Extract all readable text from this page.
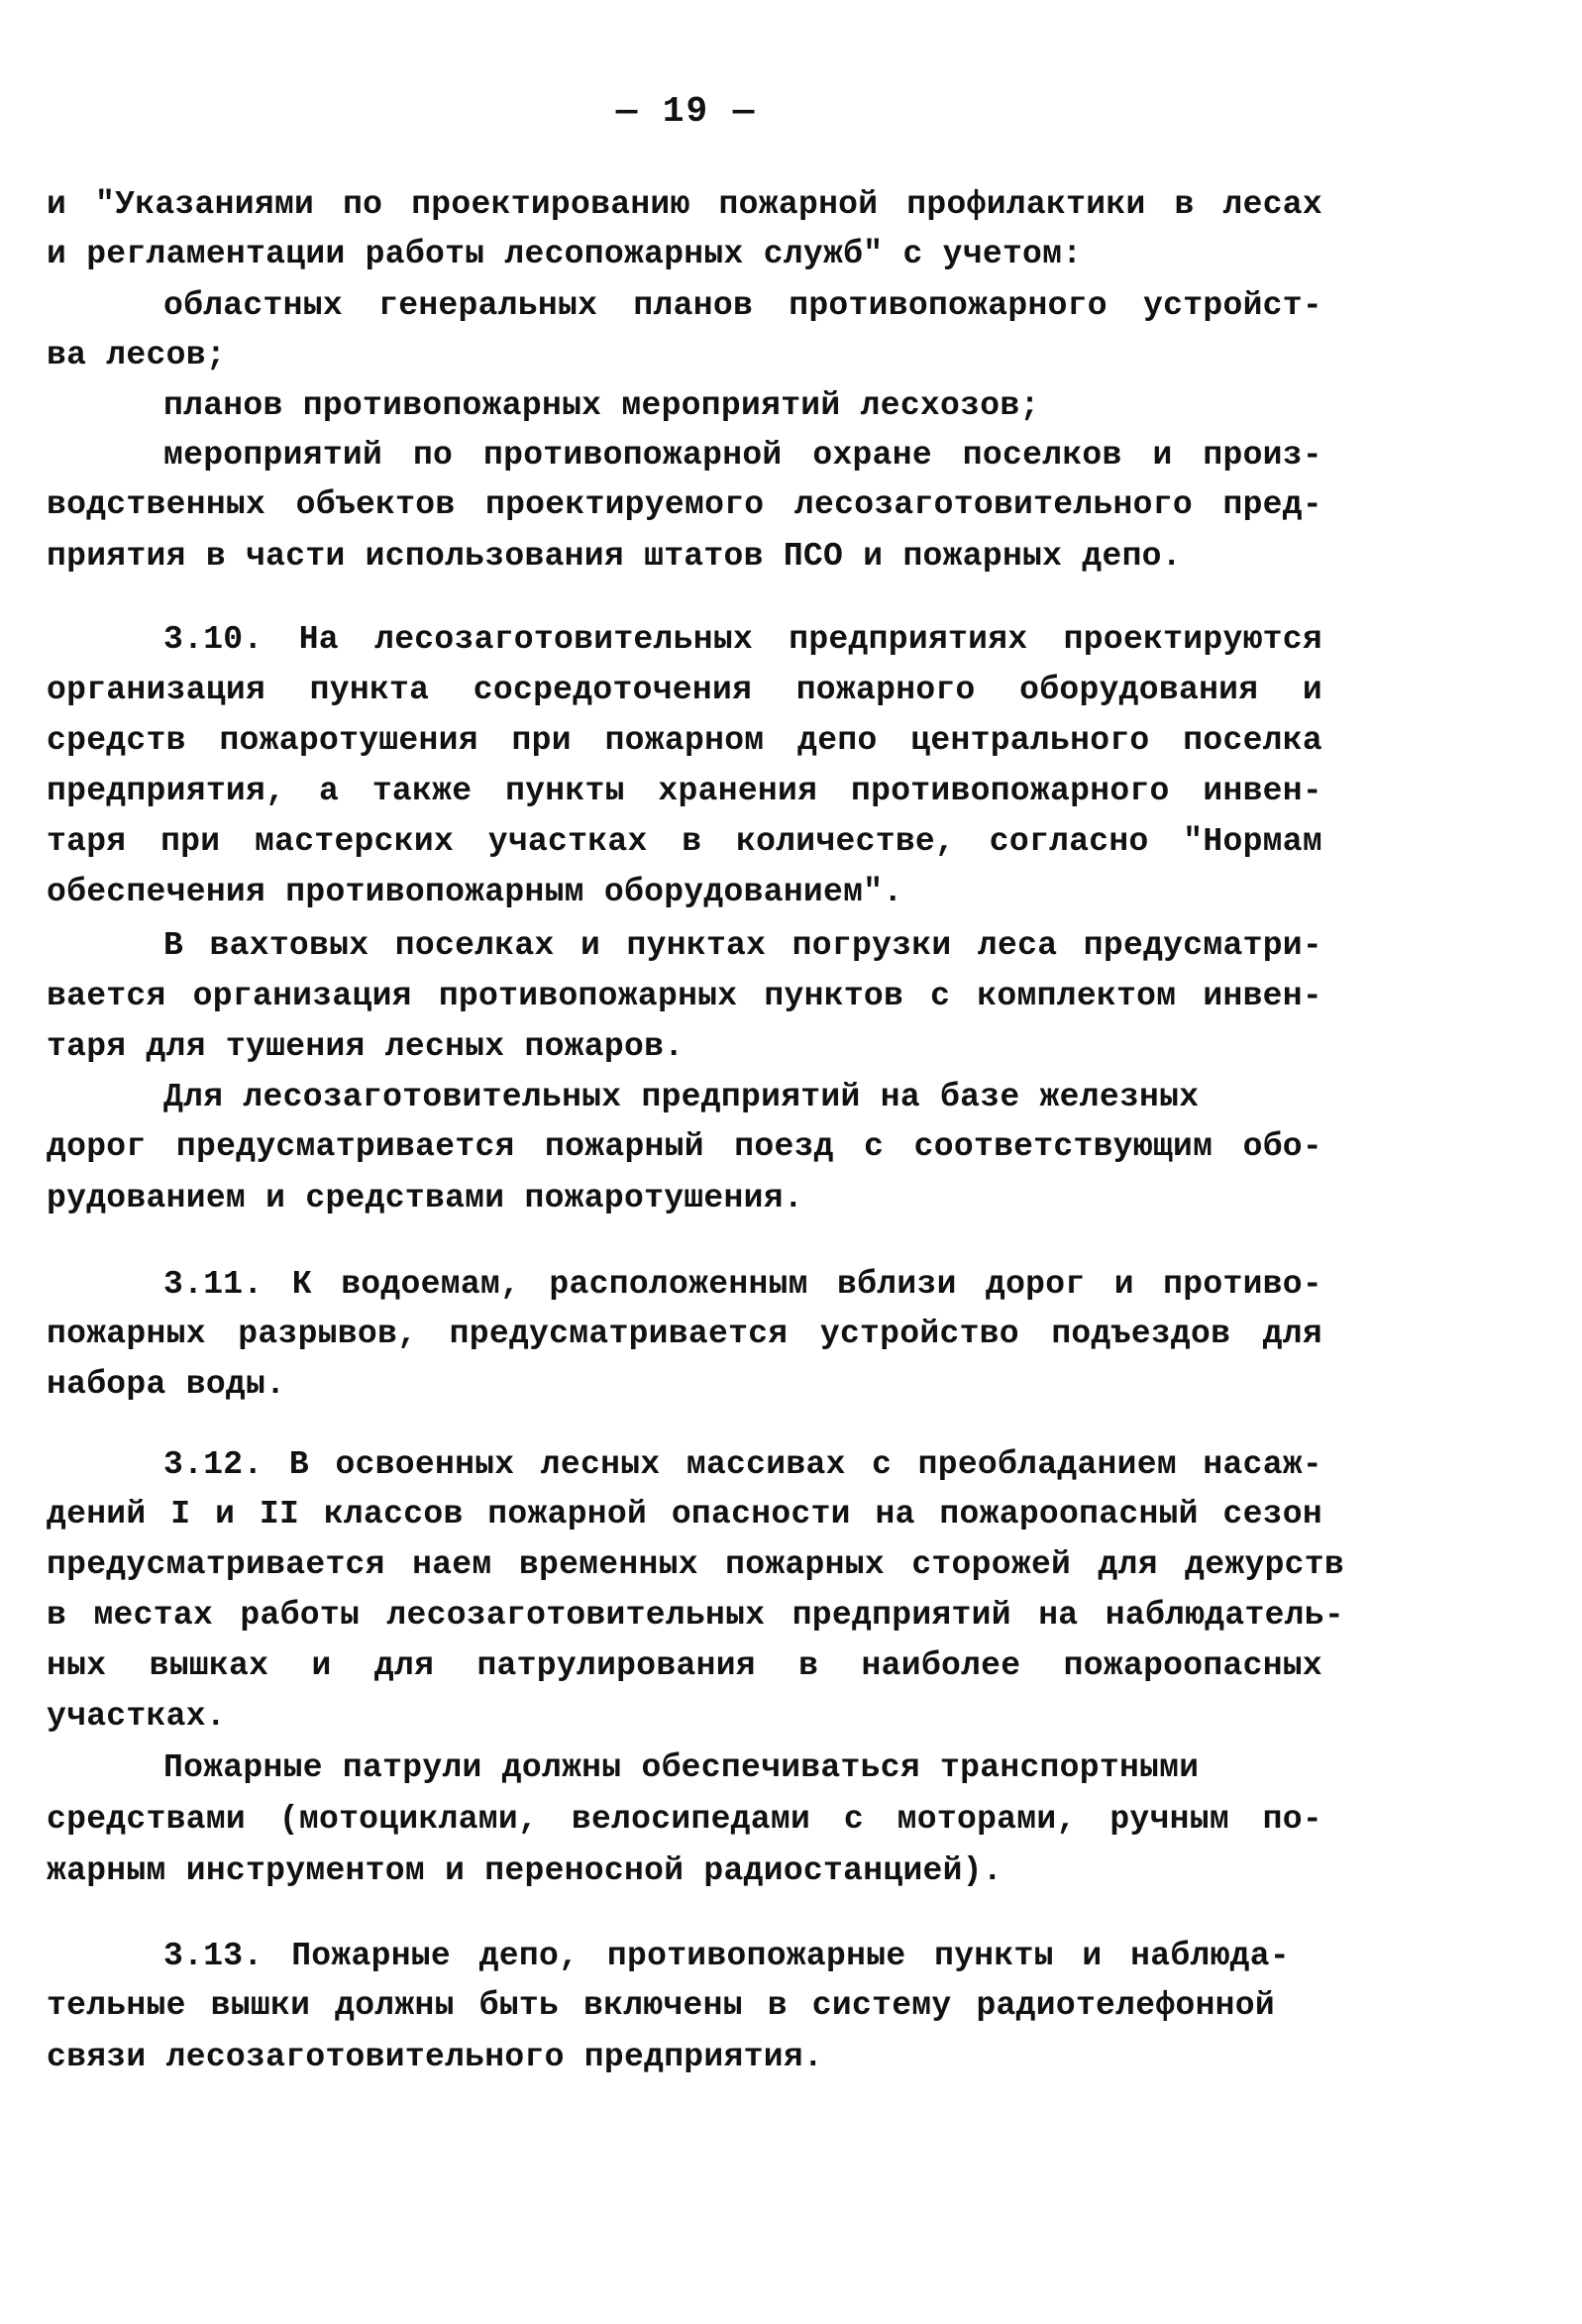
— 19 —
и "Указаниями по проектированию пожарной профилактики в лесах
и регламентации работы лесопожарных служб" с учетом:
областных генеральных планов противопожарного устройст-
ва лесов;
планов противопожарных мероприятий лесхозов;
мероприятий по противопожарной охране поселков и произ-
водственных объектов проектируемого лесозаготовительного пред-
приятия в части использования штатов ПСО и пожарных депо.
3.10. На лесозаготовительных предприятиях проектируются
организация пункта сосредоточения пожарного оборудования и
средств пожаротушения при пожарном депо центрального поселка
предприятия, а также пункты хранения противопожарного инвен-
таря при мастерских участках в количестве, согласно "Нормам
обеспечения противопожарным оборудованием".
В вахтовых поселках и пунктах погрузки леса предусматри-
вается организация противопожарных пунктов с комплектом инвен-
таря для тушения лесных пожаров.
Для лесозаготовительных предприятий на базе железных
дорог предусматривается пожарный поезд с соответствующим обо-
рудованием и средствами пожаротушения.
3.11. К водоемам, расположенным вблизи дорог и противо-
пожарных разрывов, предусматривается устройство подъездов для
набора воды.
3.12. В освоенных лесных массивах с преобладанием насаж-
дений I и II классов пожарной опасности на пожароопасный сезон
предусматривается наем временных пожарных сторожей для дежурств
в местах работы лесозаготовительных предприятий на наблюдатель-
ных вышках и для патрулирования в наиболее пожароопасных
участках.
Пожарные патрули должны обеспечиваться транспортными
средствами (мотоциклами, велосипедами с моторами, ручным по-
жарным инструментом и переносной радиостанцией).
3.13. Пожарные депо, противопожарные пункты и наблюда-
тельные вышки должны быть включены в систему радиотелефонной
связи лесозаготовительного предприятия.
